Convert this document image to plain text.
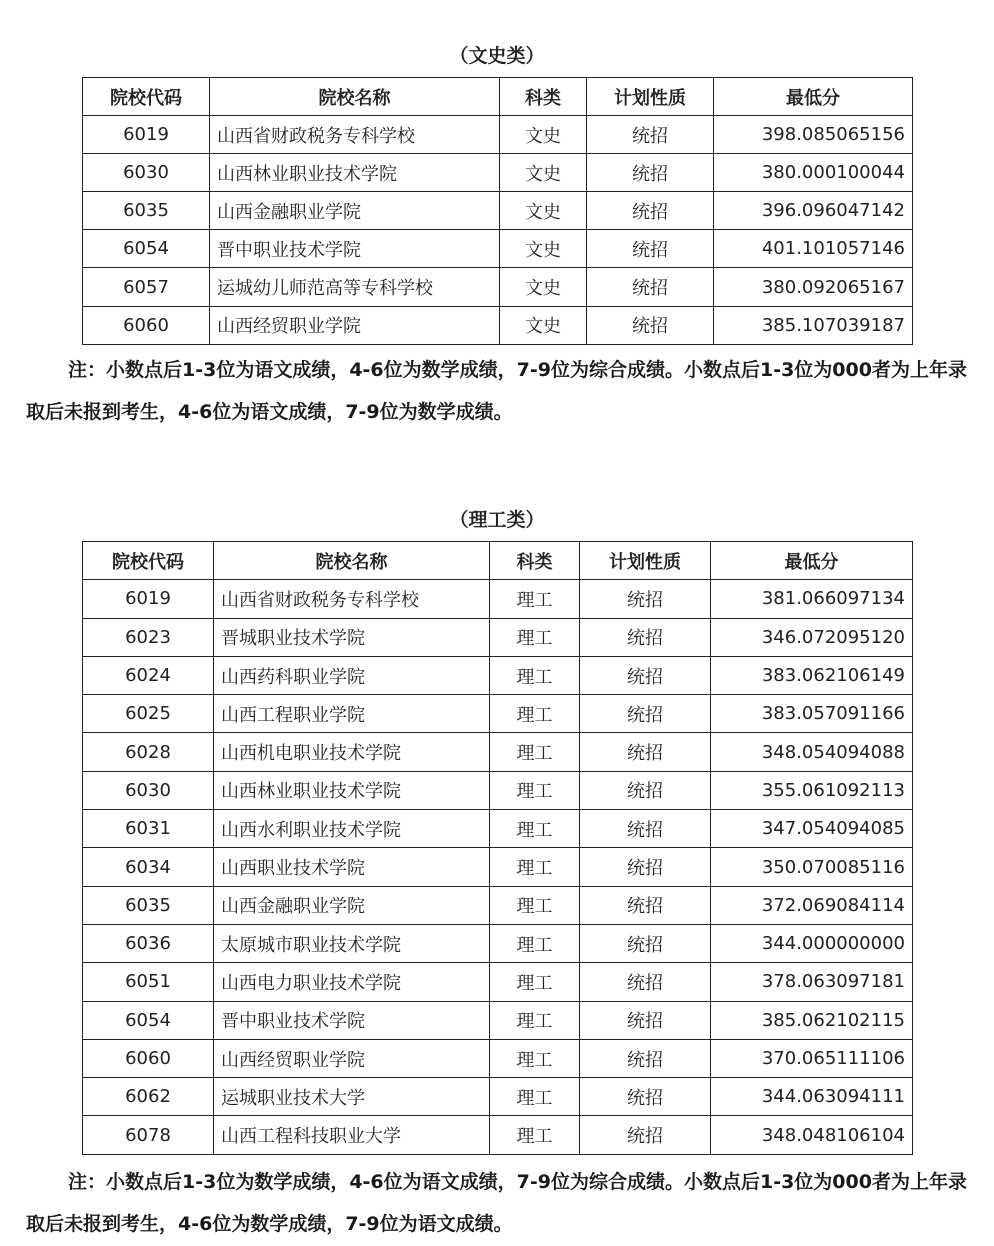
（文史类）
院校代码	院校名称	科类	计划性质	最低分
6019	山西省财政税务专科学校	文史	统招	398.085065156
6030	山西林业职业技术学院	文史	统招	380.000100044
6035	山西金融职业学院	文史	统招	396.096047142
6054	晋中职业技术学院	文史	统招	401.101057146
6057	运城幼儿师范高等专科学校	文史	统招	380.092065167
6060	山西经贸职业学院	文史	统招	385.107039187
注：小数点后1-3位为语文成绩，4-6位为数学成绩，7-9位为综合成绩。小数点后1-3位为000者为上年录取后未报到考生，4-6位为语文成绩，7-9位为数学成绩。
（理工类）
院校代码	院校名称	科类	计划性质	最低分
6019	山西省财政税务专科学校	理工	统招	381.066097134
6023	晋城职业技术学院	理工	统招	346.072095120
6024	山西药科职业学院	理工	统招	383.062106149
6025	山西工程职业学院	理工	统招	383.057091166
6028	山西机电职业技术学院	理工	统招	348.054094088
6030	山西林业职业技术学院	理工	统招	355.061092113
6031	山西水利职业技术学院	理工	统招	347.054094085
6034	山西职业技术学院	理工	统招	350.070085116
6035	山西金融职业学院	理工	统招	372.069084114
6036	太原城市职业技术学院	理工	统招	344.000000000
6051	山西电力职业技术学院	理工	统招	378.063097181
6054	晋中职业技术学院	理工	统招	385.062102115
6060	山西经贸职业学院	理工	统招	370.065111106
6062	运城职业技术大学	理工	统招	344.063094111
6078	山西工程科技职业大学	理工	统招	348.048106104
注：小数点后1-3位为数学成绩，4-6位为语文成绩，7-9位为综合成绩。小数点后1-3位为000者为上年录取后未报到考生，4-6位为数学成绩，7-9位为语文成绩。
